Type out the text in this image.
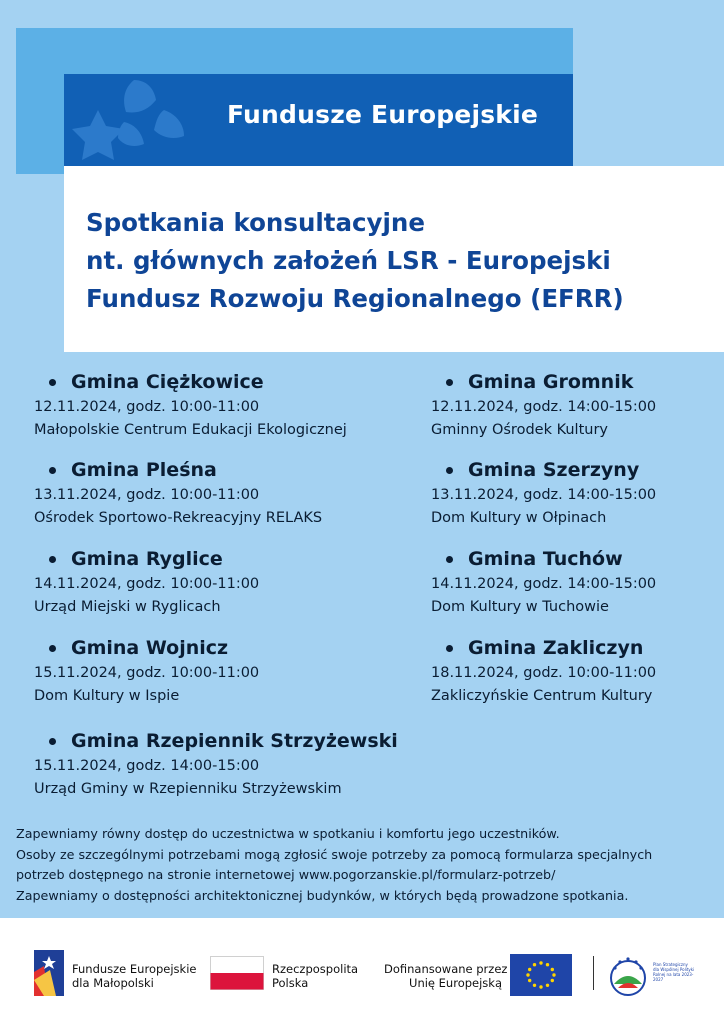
Fundusze Europejskie
Spotkania konsultacyjne
nt. głównych założeń LSR - Europejski
Fundusz Rozwoju Regionalnego (EFRR)
Gmina Ciężkowice
12.11.2024, godz. 10:00-11:00
Małopolskie Centrum Edukacji Ekologicznej
Gmina Gromnik
12.11.2024, godz. 14:00-15:00
Gminny Ośrodek Kultury
Gmina Pleśna
13.11.2024, godz. 10:00-11:00
Ośrodek Sportowo-Rekreacyjny RELAKS
Gmina Szerzyny
13.11.2024, godz. 14:00-15:00
Dom Kultury w Ołpinach
Gmina Ryglice
14.11.2024, godz. 10:00-11:00
Urząd Miejski w Ryglicach
Gmina Tuchów
14.11.2024, godz. 14:00-15:00
Dom Kultury w Tuchowie
Gmina Wojnicz
15.11.2024, godz. 10:00-11:00
Dom Kultury w Ispie
Gmina Zakliczyn
18.11.2024, godz. 10:00-11:00
Zakliczyńskie Centrum Kultury
Gmina Rzepiennik Strzyżewski
15.11.2024, godz. 14:00-15:00
Urząd Gminy w Rzepienniku Strzyżewskim
Zapewniamy równy dostęp do uczestnictwa w spotkaniu i komfortu jego uczestników.
Osoby ze szczególnymi potrzebami mogą zgłosić swoje potrzeby za pomocą formularza specjalnych
potrzeb dostępnego na stronie internetowej www.pogorzanskie.pl/formularz-potrzeb/
Zapewniamy o dostępności architektonicznej budynków, w których będą prowadzone spotkania.
Fundusze Europejskie
dla Małopolski
Rzeczpospolita
Polska
Dofinansowane przez
Unię Europejską
Plan Strategiczny dla Wspólnej Polityki Rolnej na lata 2023-2027
